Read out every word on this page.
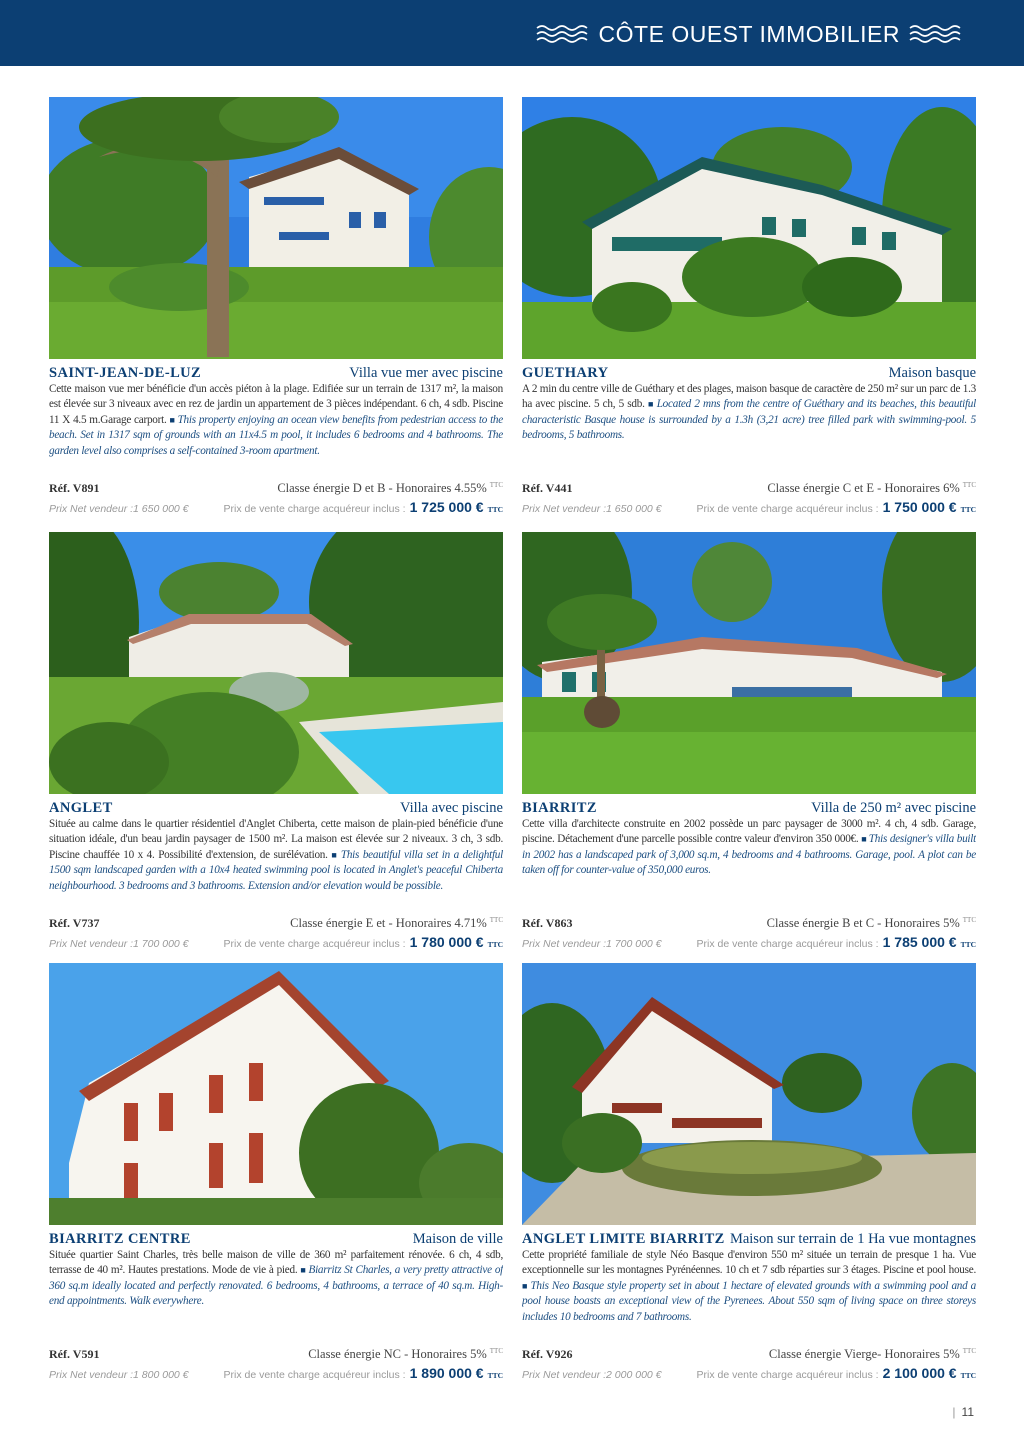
CÔTE OUEST IMMOBILIER
SAINT-JEAN-DE-LUZ	Villa vue mer avec piscine
Cette maison vue mer bénéficie d'un accès piéton à la plage. Edifiée sur un terrain de 1317 m², la maison est élevée sur 3 niveaux avec en rez de jardin un appartement de 3 pièces indépendant. 6 ch, 4 sdb. Piscine 11 X 4.5 m.Garage carport. ■ This property enjoying an ocean view benefits from pedestrian access to the beach. Set in 1317 sqm of grounds with an 11x4.5 m pool, it includes 6 bedrooms and 4 bathrooms. The garden level also comprises a self-contained 3-room apartment.
Réf. V891	Classe énergie D et B - Honoraires 4.55% $^{TTC}$
Prix Net vendeur :1 650 000 €	Prix de vente charge acquéreur inclus : 1 725 000 € TTC
GUETHARY	Maison basque
A 2 min du centre ville de Guéthary et des plages, maison basque de caractère de 250 m² sur un parc de 1.3 ha avec piscine. 5 ch, 5 sdb. ■ Located 2 mns from the centre of Guéthary and its beaches, this beautiful characteristic Basque house is surrounded by a 1.3h (3,21 acre) tree filled park with swimming-pool. 5 bedrooms, 5 bathrooms.
Réf. V441	Classe énergie C et E - Honoraires 6% $^{TTC}$
Prix Net vendeur :1 650 000 €	Prix de vente charge acquéreur inclus : 1 750 000 € TTC
ANGLET	Villa avec piscine
Située au calme dans le quartier résidentiel d'Anglet Chiberta, cette maison de plain-pied bénéficie d'une situation idéale, d'un beau jardin paysager de 1500 m². La maison est élevée sur 2 niveaux. 3 ch, 3 sdb. Piscine chauffée 10 x 4. Possibilité d'extension, de surélévation. ■ This beautiful villa set in a delightful 1500 sqm landscaped garden with a 10x4 heated swimming pool is located in Anglet's peaceful Chiberta neighbourhood. 3 bedrooms and 3 bathrooms. Extension and/or elevation would be possible.
Réf. V737	Classe énergie E et - Honoraires 4.71% $^{TTC}$
Prix Net vendeur :1 700 000 €	Prix de vente charge acquéreur inclus : 1 780 000 € TTC
BIARRITZ	Villa de 250 m² avec piscine
Cette villa d'architecte construite en 2002 possède un parc paysager de 3000 m². 4 ch, 4 sdb. Garage, piscine. Détachement d'une parcelle possible contre valeur d'environ 350 000€. ■ This designer's villa built in 2002 has a landscaped park of 3,000 sq.m, 4 bedrooms and 4 bathrooms. Garage, pool. A plot can be taken off for counter-value of 350,000 euros.
Réf. V863	Classe énergie B et C - Honoraires 5% $^{TTC}$
Prix Net vendeur :1 700 000 €	Prix de vente charge acquéreur inclus : 1 785 000 € TTC
BIARRITZ CENTRE	Maison de ville
Située quartier Saint Charles, très belle maison de ville de 360 m² parfaitement rénovée. 6 ch, 4 sdb, terrasse de 40 m². Hautes prestations. Mode de vie à pied. ■ Biarritz St Charles, a very pretty attractive of 360 sq.m ideally located and perfectly renovated. 6 bedrooms, 4 bathrooms, a terrace of 40 sq.m. High-end appointments. Walk everywhere.
Réf. V591	Classe énergie NC - Honoraires 5% $^{TTC}$
Prix Net vendeur :1 800 000 €	Prix de vente charge acquéreur inclus : 1 890 000 € TTC
ANGLET LIMITE BIARRITZ Maison sur terrain de 1 Ha vue montagnes
Cette propriété familiale de style Néo Basque d'environ 550 m² située un terrain de presque 1 ha. Vue exceptionnelle sur les montagnes Pyrénéennes. 10 ch et 7 sdb réparties sur 3 étages. Piscine et pool house. ■ This Neo Basque style property set in about 1 hectare of elevated grounds with a swimming pool and a pool house boasts an exceptional view of the Pyrenees. About 550 sqm of living space on three storeys includes 10 bedrooms and 7 bathrooms.
Réf. V926	Classe énergie Vierge- Honoraires 5% $^{TTC}$
Prix Net vendeur :2 000 000 €	Prix de vente charge acquéreur inclus : 2 100 000 € TTC
| 11
